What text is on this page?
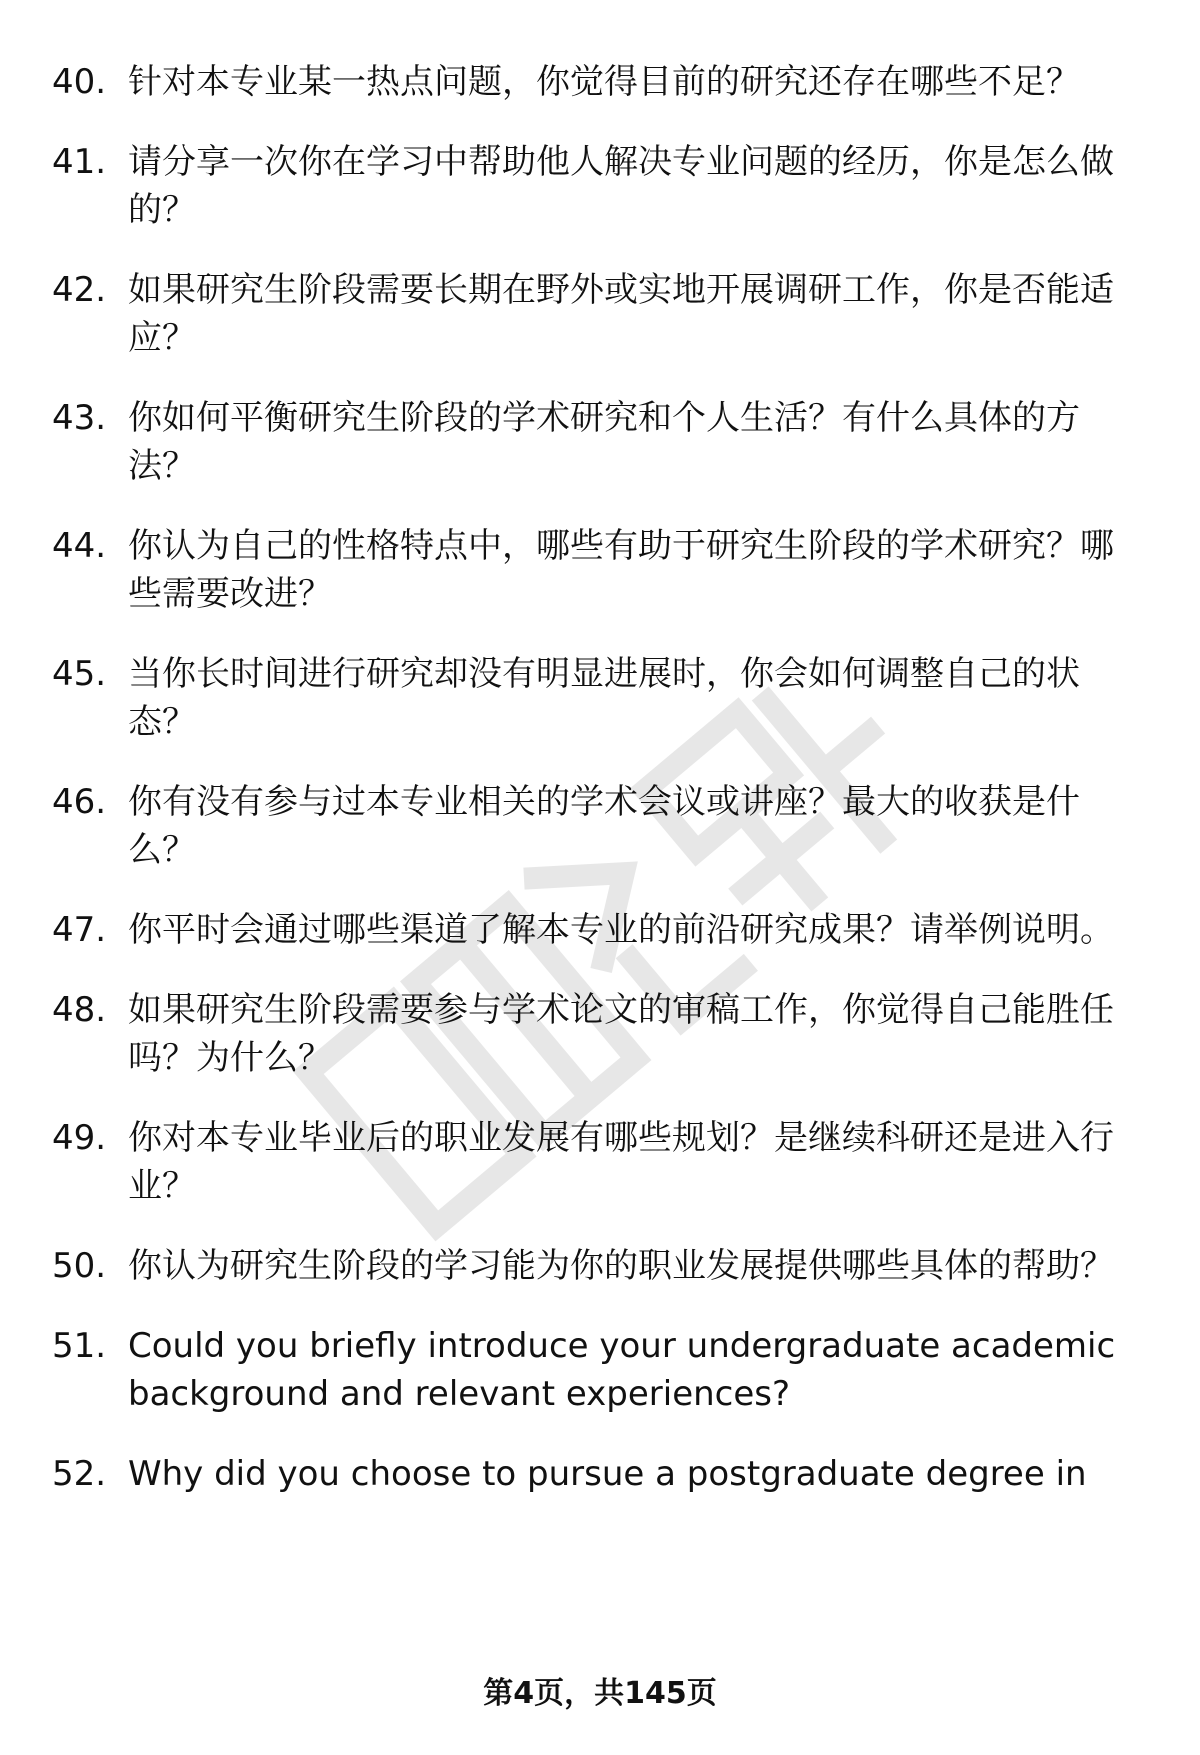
40. 针对本专业某一热点问题，你觉得目前的研究还存在哪些不足？
41. 请分享一次你在学习中帮助他人解决专业问题的经历，你是怎么做的？
42. 如果研究生阶段需要长期在野外或实地开展调研工作，你是否能适应？
43. 你如何平衡研究生阶段的学术研究和个人生活？有什么具体的方法？
44. 你认为自己的性格特点中，哪些有助于研究生阶段的学术研究？哪些需要改进？
45. 当你长时间进行研究却没有明显进展时，你会如何调整自己的状态？
46. 你有没有参与过本专业相关的学术会议或讲座？最大的收获是什么？
47. 你平时会通过哪些渠道了解本专业的前沿研究成果？请举例说明。
48. 如果研究生阶段需要参与学术论文的审稿工作，你觉得自己能胜任吗？为什么？
49. 你对本专业毕业后的职业发展有哪些规划？是继续科研还是进入行业？
50. 你认为研究生阶段的学习能为你的职业发展提供哪些具体的帮助？
51. Could you briefly introduce your undergraduate academic background and relevant experiences?
52. Why did you choose to pursue a postgraduate degree in
第4页，共145页
